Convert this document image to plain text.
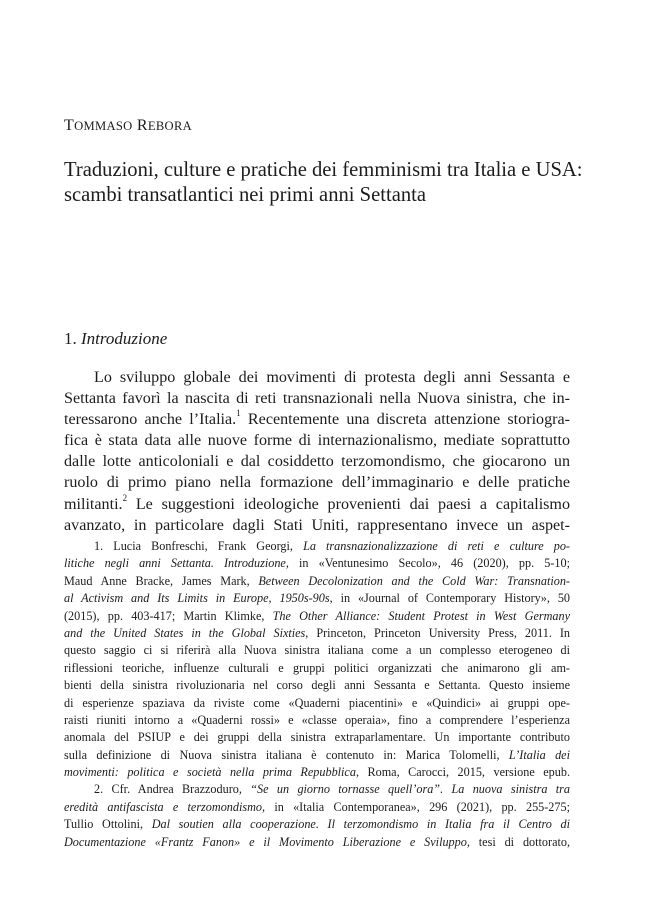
TOMMASO REBORA
Traduzioni, culture e pratiche dei femminismi tra Italia e USA:
scambi transatlantici nei primi anni Settanta
1. Introduzione
Lo sviluppo globale dei movimenti di protesta degli anni Sessanta e
Settanta favorì la nascita di reti transnazionali nella Nuova sinistra, che in-
teressarono anche l’Italia.$^1$ Recentemente una discreta attenzione storiogra-
fica è stata data alle nuove forme di internazionalismo, mediate soprattutto
dalle lotte anticoloniali e dal cosiddetto terzomondismo, che giocarono un
ruolo di primo piano nella formazione dell’immaginario e delle pratiche
militanti.$^2$ Le suggestioni ideologiche provenienti dai paesi a capitalismo
avanzato, in particolare dagli Stati Uniti, rappresentano invece un aspet-
1. Lucia Bonfreschi, Frank Georgi, La transnazionalizzazione di reti e culture po-
litiche negli anni Settanta. Introduzione, in «Ventunesimo Secolo», 46 (2020), pp. 5-10;
Maud Anne Bracke, James Mark, Between Decolonization and the Cold War: Transnation-
al Activism and Its Limits in Europe, 1950s-90s, in «Journal of Contemporary History», 50
(2015), pp. 403-417; Martin Klimke, The Other Alliance: Student Protest in West Germany
and the United States in the Global Sixties, Princeton, Princeton University Press, 2011. In
questo saggio ci si riferirà alla Nuova sinistra italiana come a un complesso eterogeneo di
riflessioni teoriche, influenze culturali e gruppi politici organizzati che animarono gli am-
bienti della sinistra rivoluzionaria nel corso degli anni Sessanta e Settanta. Questo insieme
di esperienze spaziava da riviste come «Quaderni piacentini» e «Quindici» ai gruppi ope-
raisti riuniti intorno a «Quaderni rossi» e «classe operaia», fino a comprendere l’esperienza
anomala del PSIUP e dei gruppi della sinistra extraparlamentare. Un importante contributo
sulla definizione di Nuova sinistra italiana è contenuto in: Marica Tolomelli, L’Italia dei
movimenti: politica e società nella prima Repubblica, Roma, Carocci, 2015, versione epub.
2. Cfr. Andrea Brazzoduro, “Se un giorno tornasse quell’ora”. La nuova sinistra tra
eredità antifascista e terzomondismo, in «Italia Contemporanea», 296 (2021), pp. 255-275;
Tullio Ottolini, Dal soutien alla cooperazione. Il terzomondismo in Italia fra il Centro di
Documentazione «Frantz Fanon» e il Movimento Liberazione e Sviluppo, tesi di dottorato,
